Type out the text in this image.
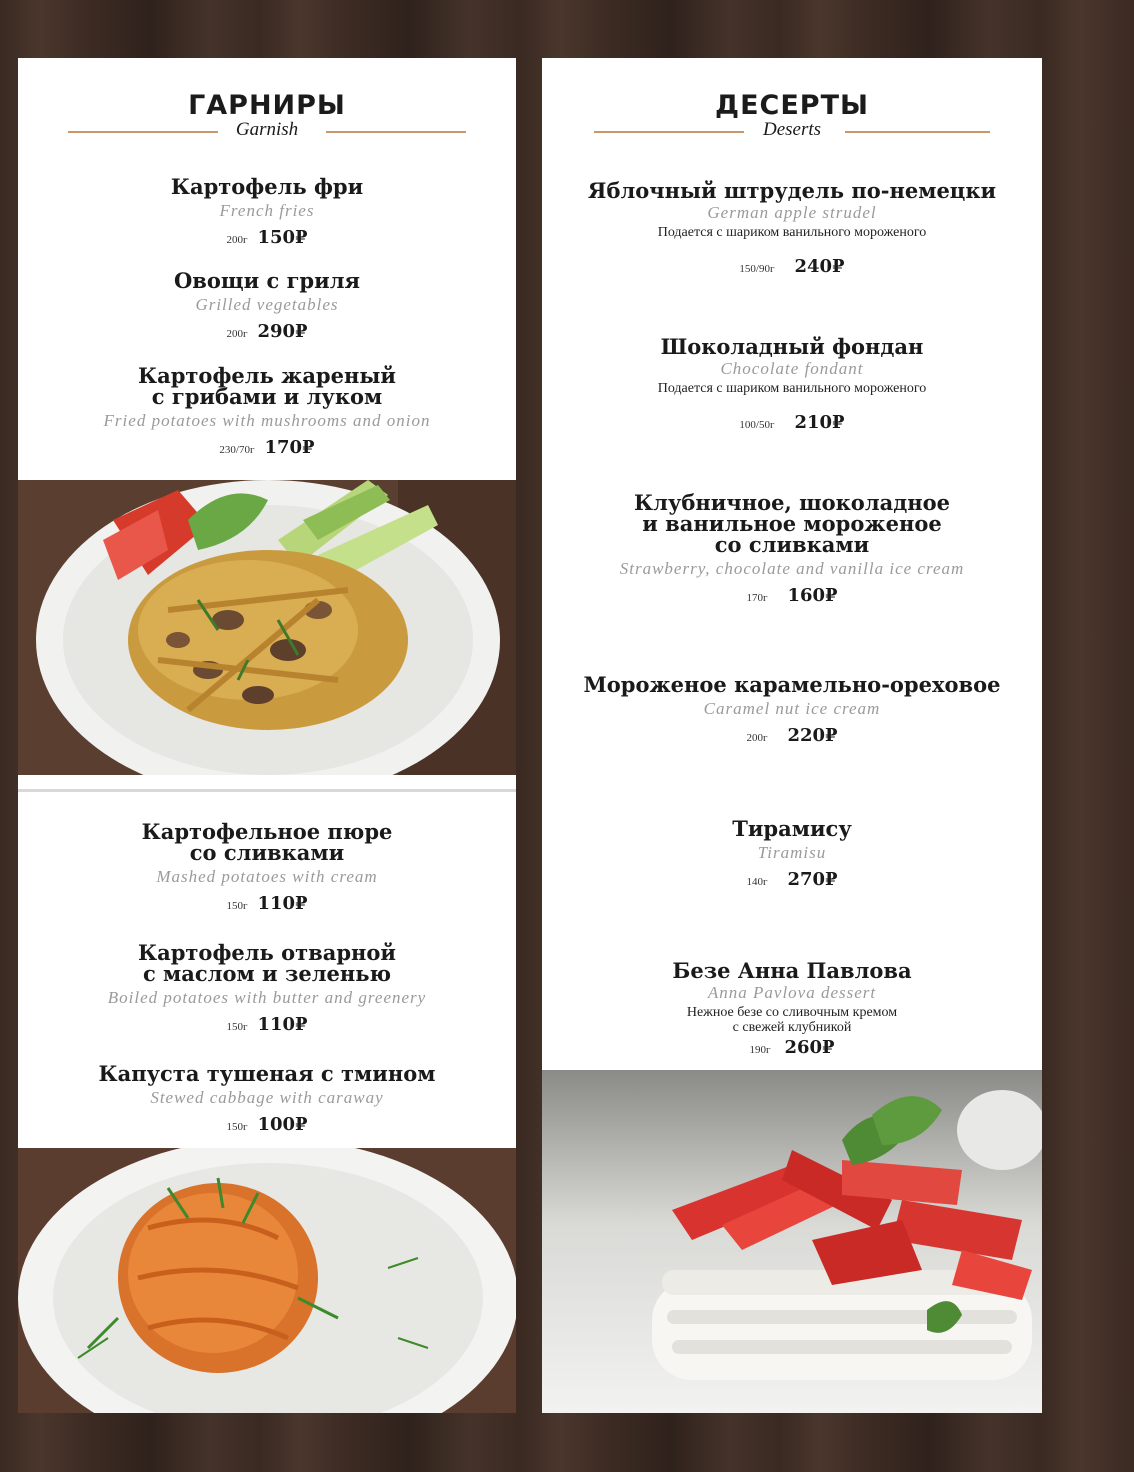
ГАРНИРЫ
Garnish
Картофель фри
French fries
200г 150₽
Овощи с гриля
Grilled vegetables
200г 290₽
Картофель жареный
с грибами и луком
Fried potatoes with mushrooms and onion
230/70г 170₽
Картофельное пюре
со сливками
Mashed potatoes with cream
150г 110₽
Картофель отварной
с маслом и зеленью
Boiled potatoes with butter and greenery
150г 110₽
Капуста тушеная с тмином
Stewed cabbage with caraway
150г 100₽
ДЕСЕРТЫ
Deserts
Яблочный штрудель по-немецки
German apple strudel
Подается с шариком ванильного мороженого
150/90г 240₽
Шоколадный фондан
Chocolate fondant
Подается с шариком ванильного мороженого
100/50г 210₽
Клубничное, шоколадное
и ванильное мороженое
со сливками
Strawberry, chocolate and vanilla ice cream
170г 160₽
Мороженое карамельно-ореховое
Caramel nut ice cream
200г 220₽
Тирамису
Tiramisu
140г 270₽
Безе Анна Павлова
Anna Pavlova dessert
Нежное безе со сливочным кремом
с свежей клубникой
190г 260₽
